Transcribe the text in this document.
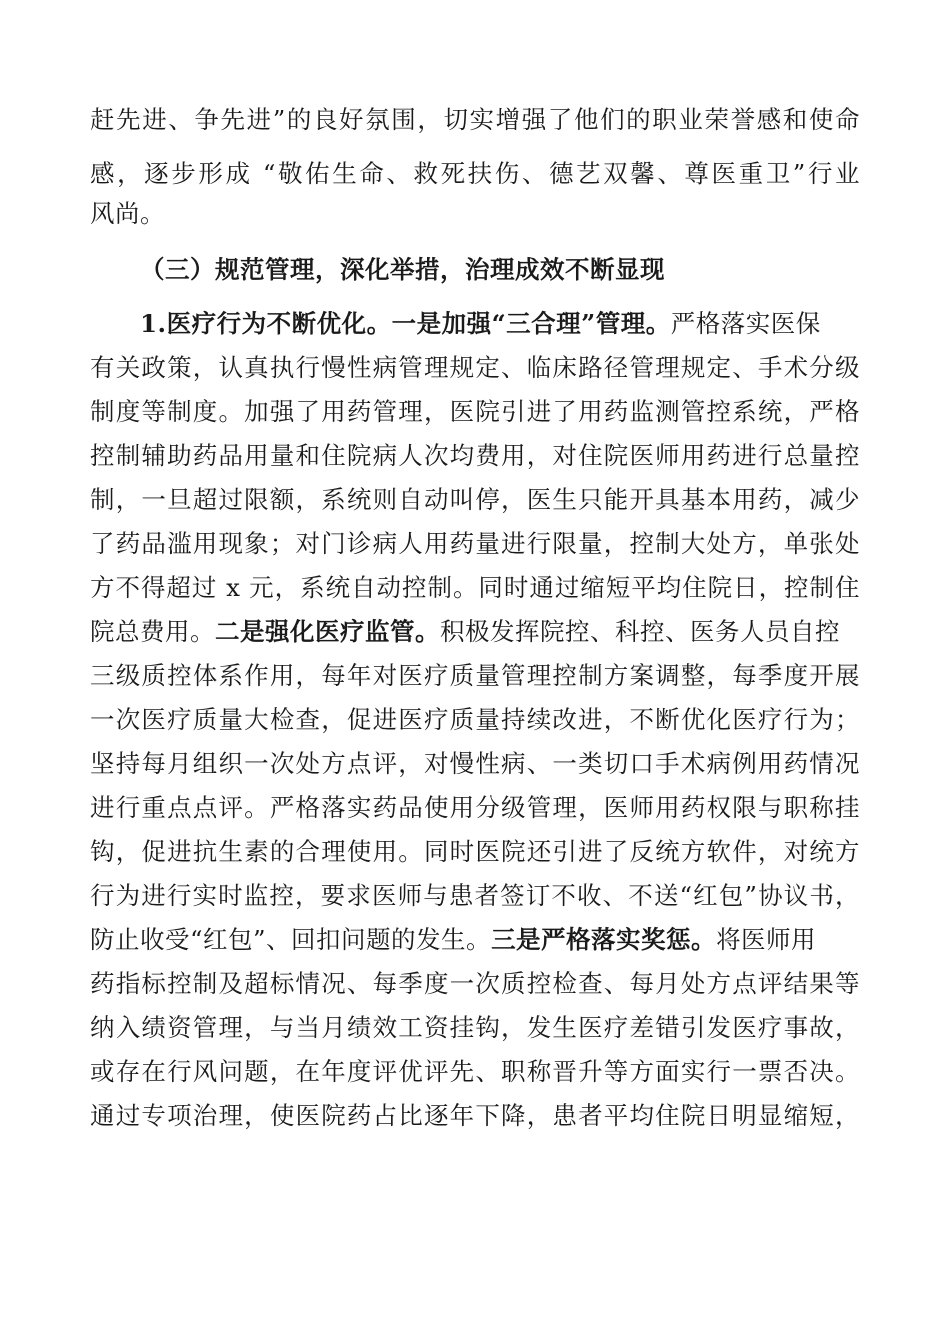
赶先进、争先进”的良好氛围，切实增强了他们的职业荣誉感和使命
感，逐步形成 “敬佑生命、救死扶伤、德艺双馨、尊医重卫”行业
风尚。
（三）规范管理，深化举措，治理成效不断显现
1.医疗行为不断优化。一是加强“三合理”管理。严格落实医保
有关政策，认真执行慢性病管理规定、临床路径管理规定、手术分级
制度等制度。加强了用药管理，医院引进了用药监测管控系统，严格
控制辅助药品用量和住院病人次均费用，对住院医师用药进行总量控
制，一旦超过限额，系统则自动叫停，医生只能开具基本用药，减少
了药品滥用现象；对门诊病人用药量进行限量，控制大处方，单张处
方不得超过 x 元，系统自动控制。同时通过缩短平均住院日，控制住
院总费用。二是强化医疗监管。积极发挥院控、科控、医务人员自控
三级质控体系作用，每年对医疗质量管理控制方案调整，每季度开展
一次医疗质量大检查，促进医疗质量持续改进，不断优化医疗行为；
坚持每月组织一次处方点评，对慢性病、一类切口手术病例用药情况
进行重点点评。严格落实药品使用分级管理，医师用药权限与职称挂
钩，促进抗生素的合理使用。同时医院还引进了反统方软件，对统方
行为进行实时监控，要求医师与患者签订不收、不送“红包”协议书，
防止收受“红包”、回扣问题的发生。三是严格落实奖惩。将医师用
药指标控制及超标情况、每季度一次质控检查、每月处方点评结果等
纳入绩资管理，与当月绩效工资挂钩，发生医疗差错引发医疗事故，
或存在行风问题，在年度评优评先、职称晋升等方面实行一票否决。
通过专项治理，使医院药占比逐年下降，患者平均住院日明显缩短，
